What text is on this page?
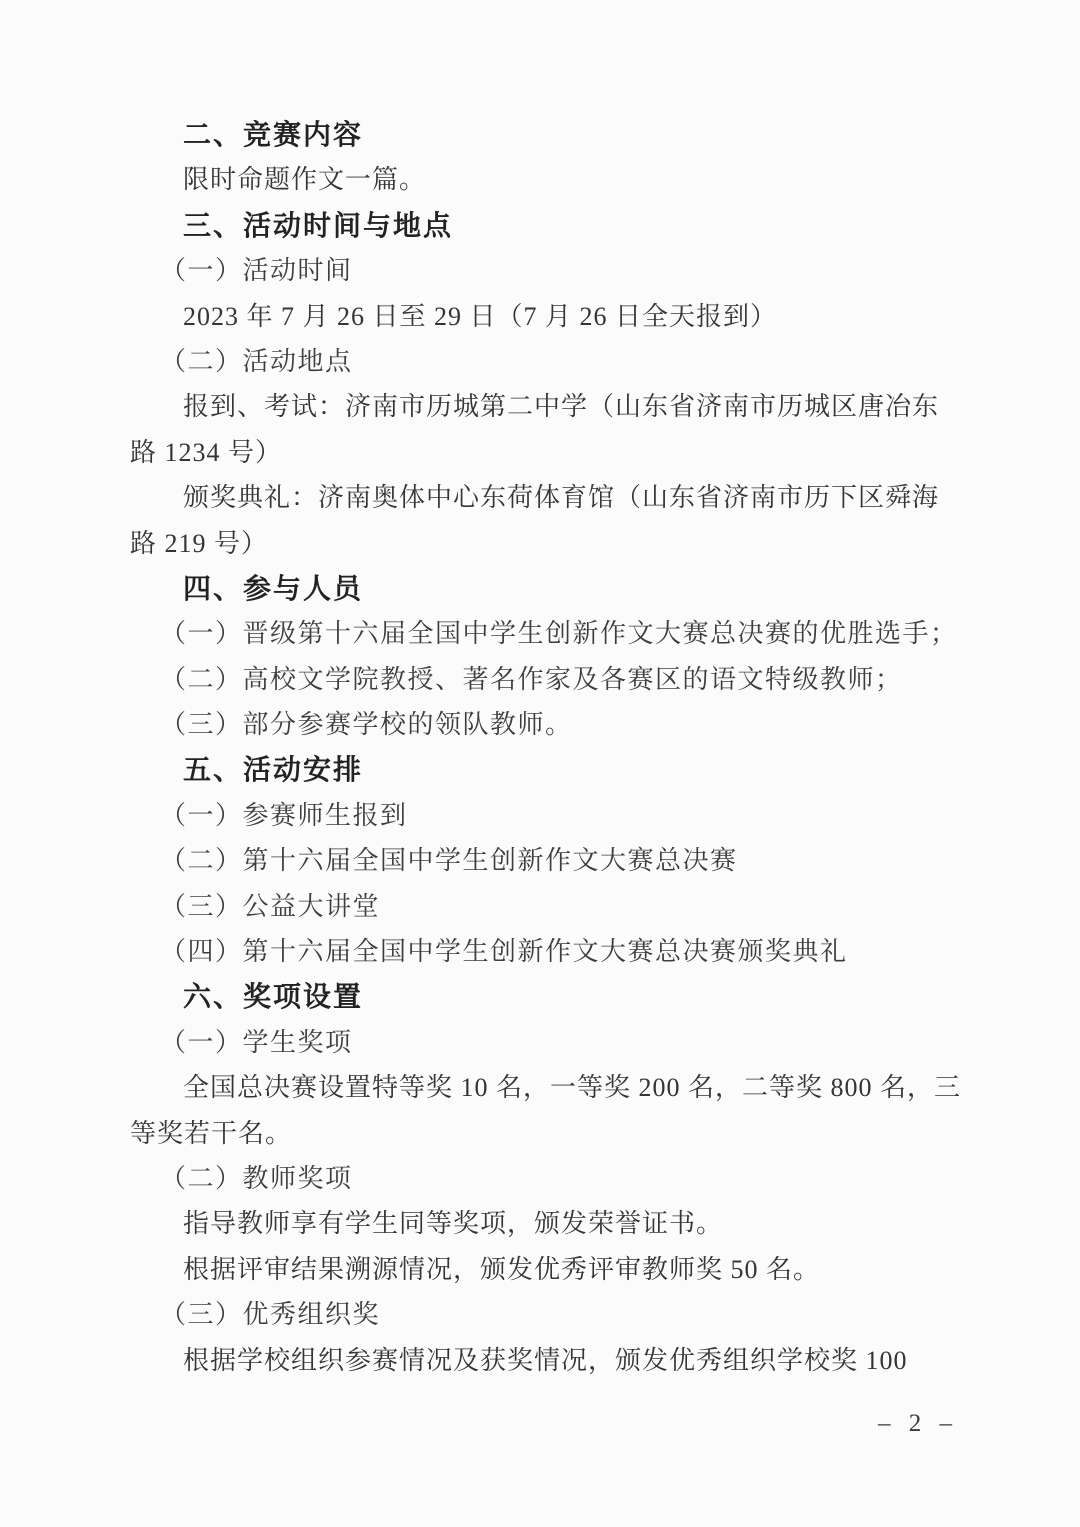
二、竞赛内容
限时命题作文一篇。
三、活动时间与地点
（一）活动时间
2023 年 7 月 26 日至 29 日（7 月 26 日全天报到）
（二）活动地点
报到、考试：济南市历城第二中学（山东省济南市历城区唐冶东
路 1234 号）
颁奖典礼：济南奥体中心东荷体育馆（山东省济南市历下区舜海
路 219 号）
四、参与人员
（一）晋级第十六届全国中学生创新作文大赛总决赛的优胜选手；
（二）高校文学院教授、著名作家及各赛区的语文特级教师；
（三）部分参赛学校的领队教师。
五、活动安排
（一）参赛师生报到
（二）第十六届全国中学生创新作文大赛总决赛
（三）公益大讲堂
（四）第十六届全国中学生创新作文大赛总决赛颁奖典礼
六、奖项设置
（一）学生奖项
全国总决赛设置特等奖 10 名，一等奖 200 名，二等奖 800 名，三
等奖若干名。
（二）教师奖项
指导教师享有学生同等奖项，颁发荣誉证书。
根据评审结果溯源情况，颁发优秀评审教师奖 50 名。
（三）优秀组织奖
根据学校组织参赛情况及获奖情况，颁发优秀组织学校奖 100
– 2 –
